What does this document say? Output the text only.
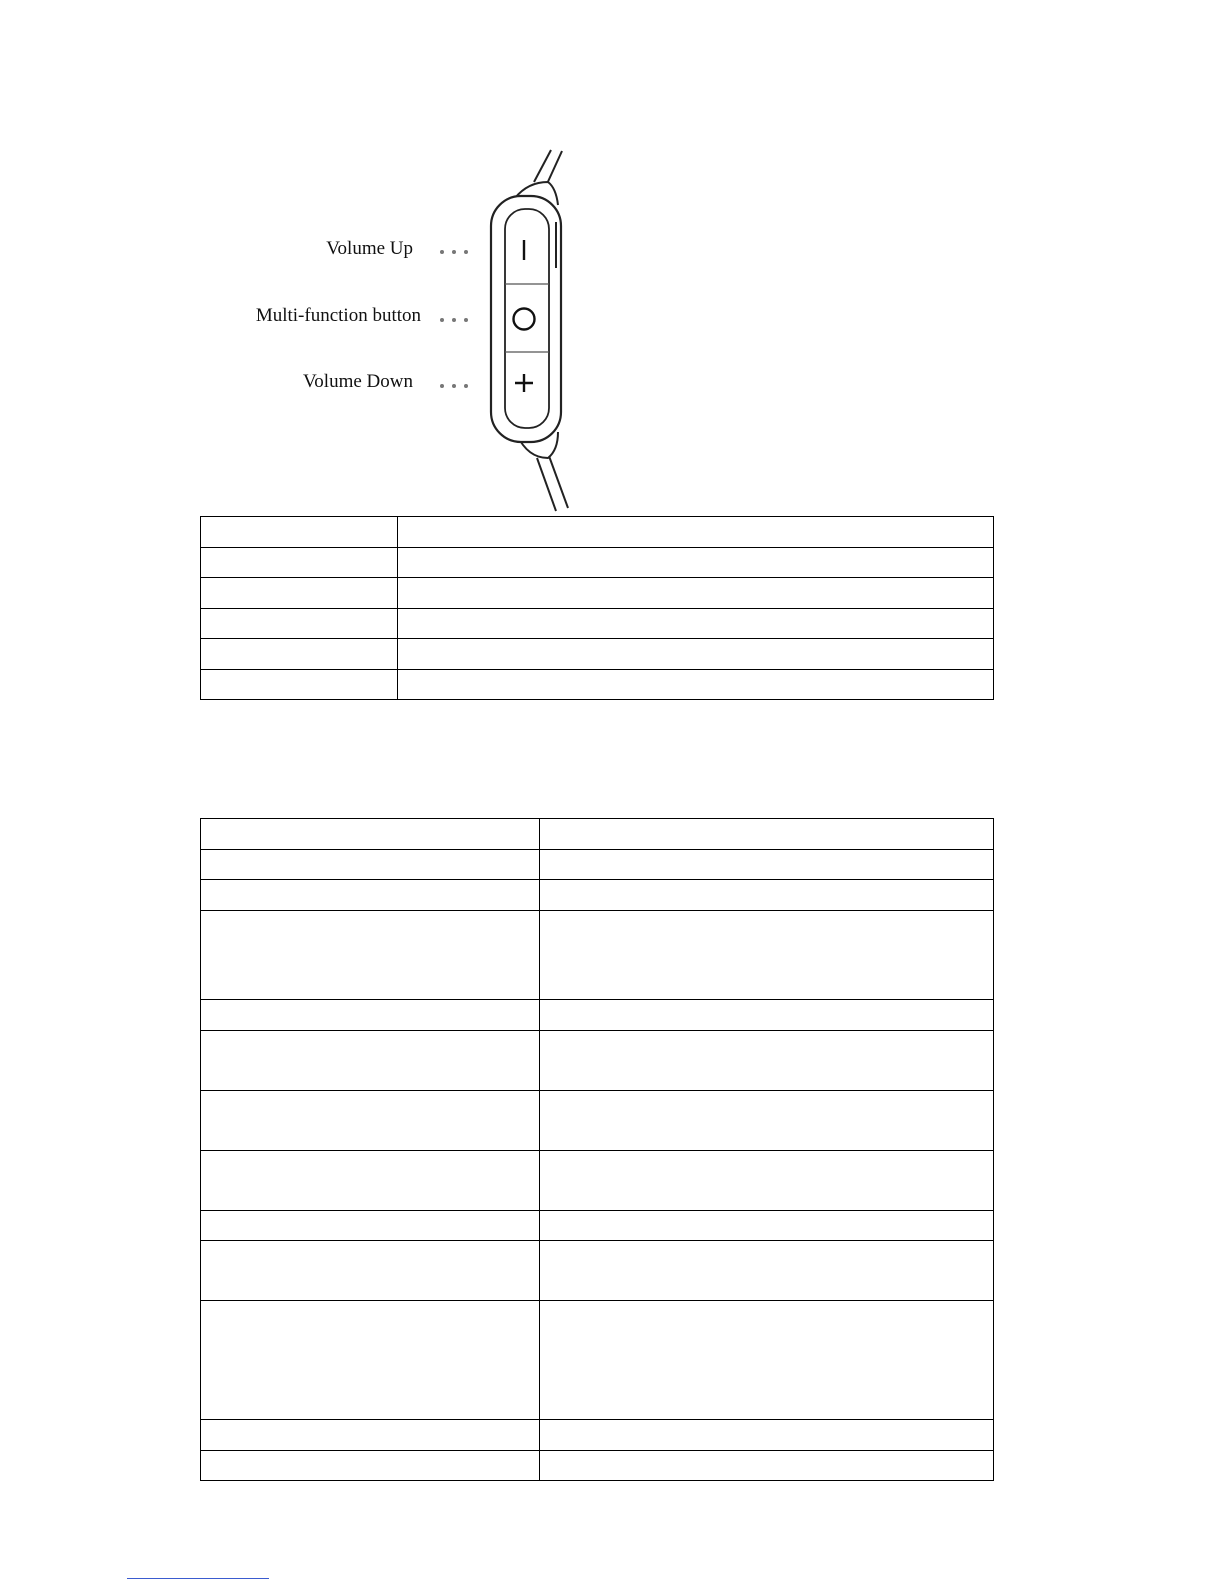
Volume Up
Multi-function button
Volume Down
